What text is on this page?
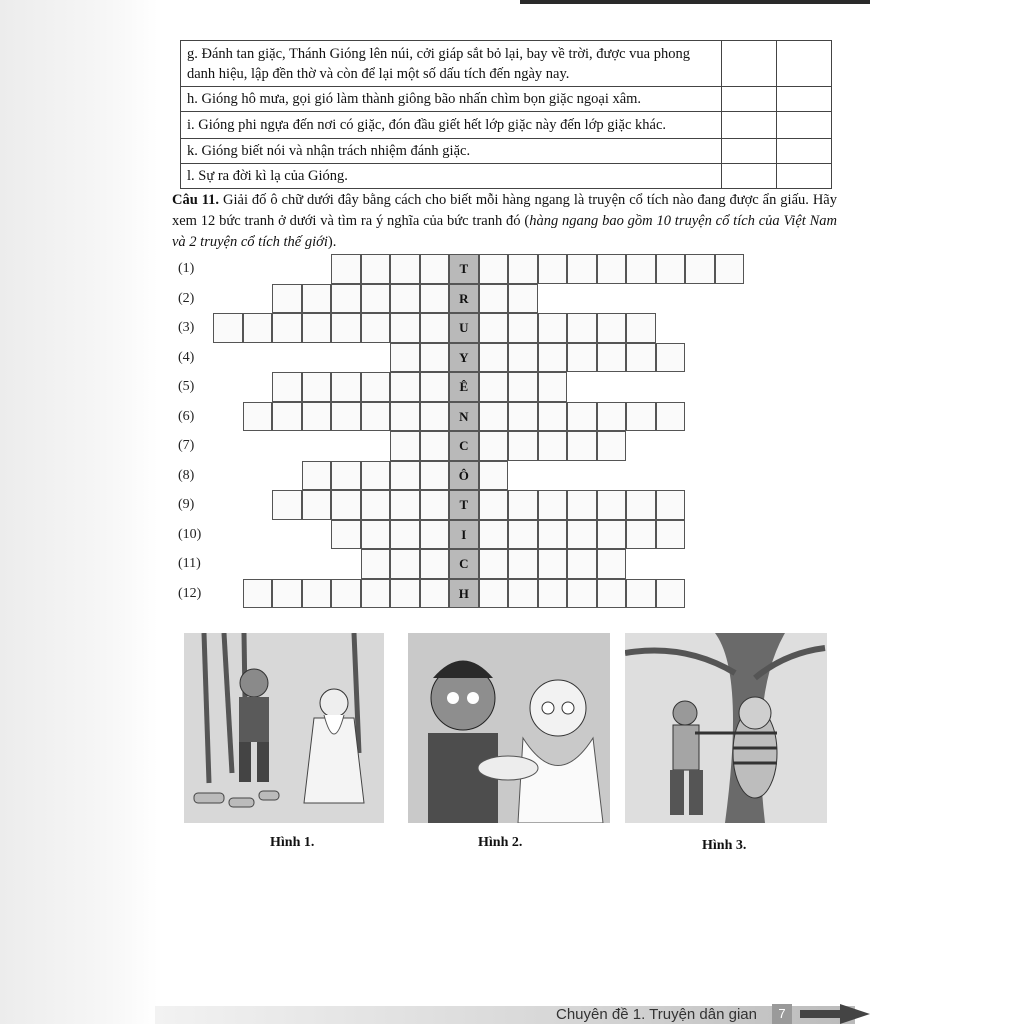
g. Đánh tan giặc, Thánh Gióng lên núi, cởi giáp sắt bỏ lại, bay về trời, được vua phong danh hiệu, lập đền thờ và còn để lại một số dấu tích đến ngày nay.		
h. Gióng hô mưa, gọi gió làm thành giông bão nhấn chìm bọn giặc ngoại xâm.		
i. Gióng phi ngựa đến nơi có giặc, đón đầu giết hết lớp giặc này đến lớp giặc khác.		
k. Gióng biết nói và nhận trách nhiệm đánh giặc.		
l. Sự ra đời kì lạ của Gióng.		
Câu 11. Giải đố ô chữ dưới đây bằng cách cho biết mỗi hàng ngang là truyện cổ tích nào đang được ẩn giấu. Hãy xem 12 bức tranh ở dưới và tìm ra ý nghĩa của bức tranh đó (hàng ngang bao gồm 10 truyện cổ tích của Việt Nam và 2 truyện cổ tích thế giới).
(1)	T
(2)	R
(3)	U
(4)	Y
(5)	Ê
(6)	N
(7)	C
(8)	Ô
(9)	T
(10)	I
(11)	C
(12)	H
Hình 1.	Hình 2.	Hình 3.
Chuyên đề 1. Truyện dân gian	7
